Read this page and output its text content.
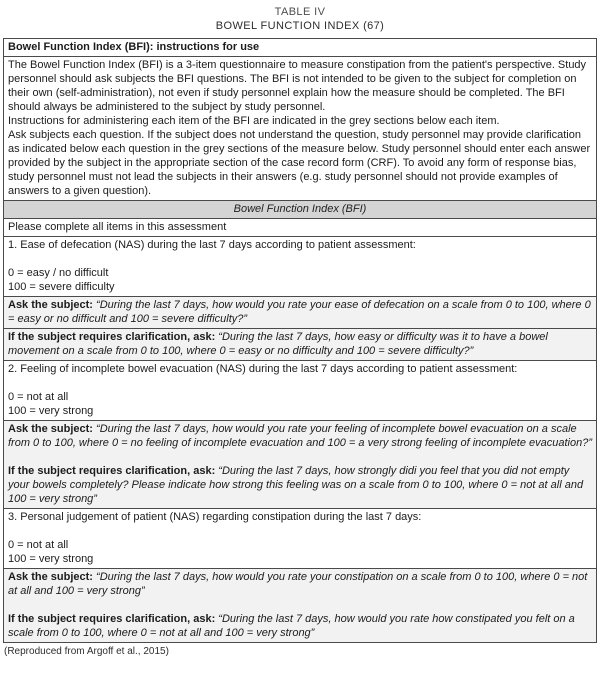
TABLE IV
BOWEL FUNCTION INDEX (67)
Bowel Function Index (BFI): instructions for use

The Bowel Function Index (BFI) is a 3-item questionnaire to measure constipation from the patient's perspective. Study personnel should ask subjects the BFI questions. The BFI is not intended to be given to the subject for completion on their own (self-administration), not even if study personnel explain how the measure should be completed. The BFI should always be administered to the subject by study personnel.
Instructions for administering each item of the BFI are indicated in the grey sections below each item.
Ask subjects each question. If the subject does not understand the question, study personnel may provide clarification as indicated below each question in the grey sections of the measure below. Study personnel should enter each answer provided by the subject in the appropriate section of the case record form (CRF). To avoid any form of response bias, study personnel must not lead the subjects in their answers (e.g. study personnel should not provide examples of answers to a given question).

Bowel Function Index (BFI)
Please complete all items in this assessment

1. Ease of defecation (NAS) during the last 7 days according to patient assessment:
0 = easy / no difficult
100 = severe difficulty

Ask the subject: “During the last 7 days, how would you rate your ease of defecation on a scale from 0 to 100, where 0 = easy or no difficult and 100 = severe difficulty?”
If the subject requires clarification, ask: “During the last 7 days, how easy or difficulty was it to have a bowel movement on a scale from 0 to 100, where 0 = easy or no difficulty and 100 = severe difficulty?”

2. Feeling of incomplete bowel evacuation (NAS) during the last 7 days according to patient assessment:
0 = not at all
100 = very strong

Ask the subject: “During the last 7 days, how would you rate your feeling of incomplete bowel evacuation on a scale from 0 to 100, where 0 = no feeling of incomplete evacuation and 100 = a very strong feeling of incomplete evacuation?”
If the subject requires clarification, ask: “During the last 7 days, how strongly didi you feel that you did not empty your bowels completely? Please indicate how strong this feeling was on a scale from 0 to 100, where 0 = not at all and 100 = very strong”

3. Personal judgement of patient (NAS) regarding constipation during the last 7 days:
0 = not at all
100 = very strong

Ask the subject: “During the last 7 days, how would you rate your constipation on a scale from 0 to 100, where 0 = not at all and 100 = very strong”
If the subject requires clarification, ask: “During the last 7 days, how would you rate how constipated you felt on a scale from 0 to 100, where 0 = not at all and 100 = very strong”
(Reproduced from Argoff et al., 2015)
